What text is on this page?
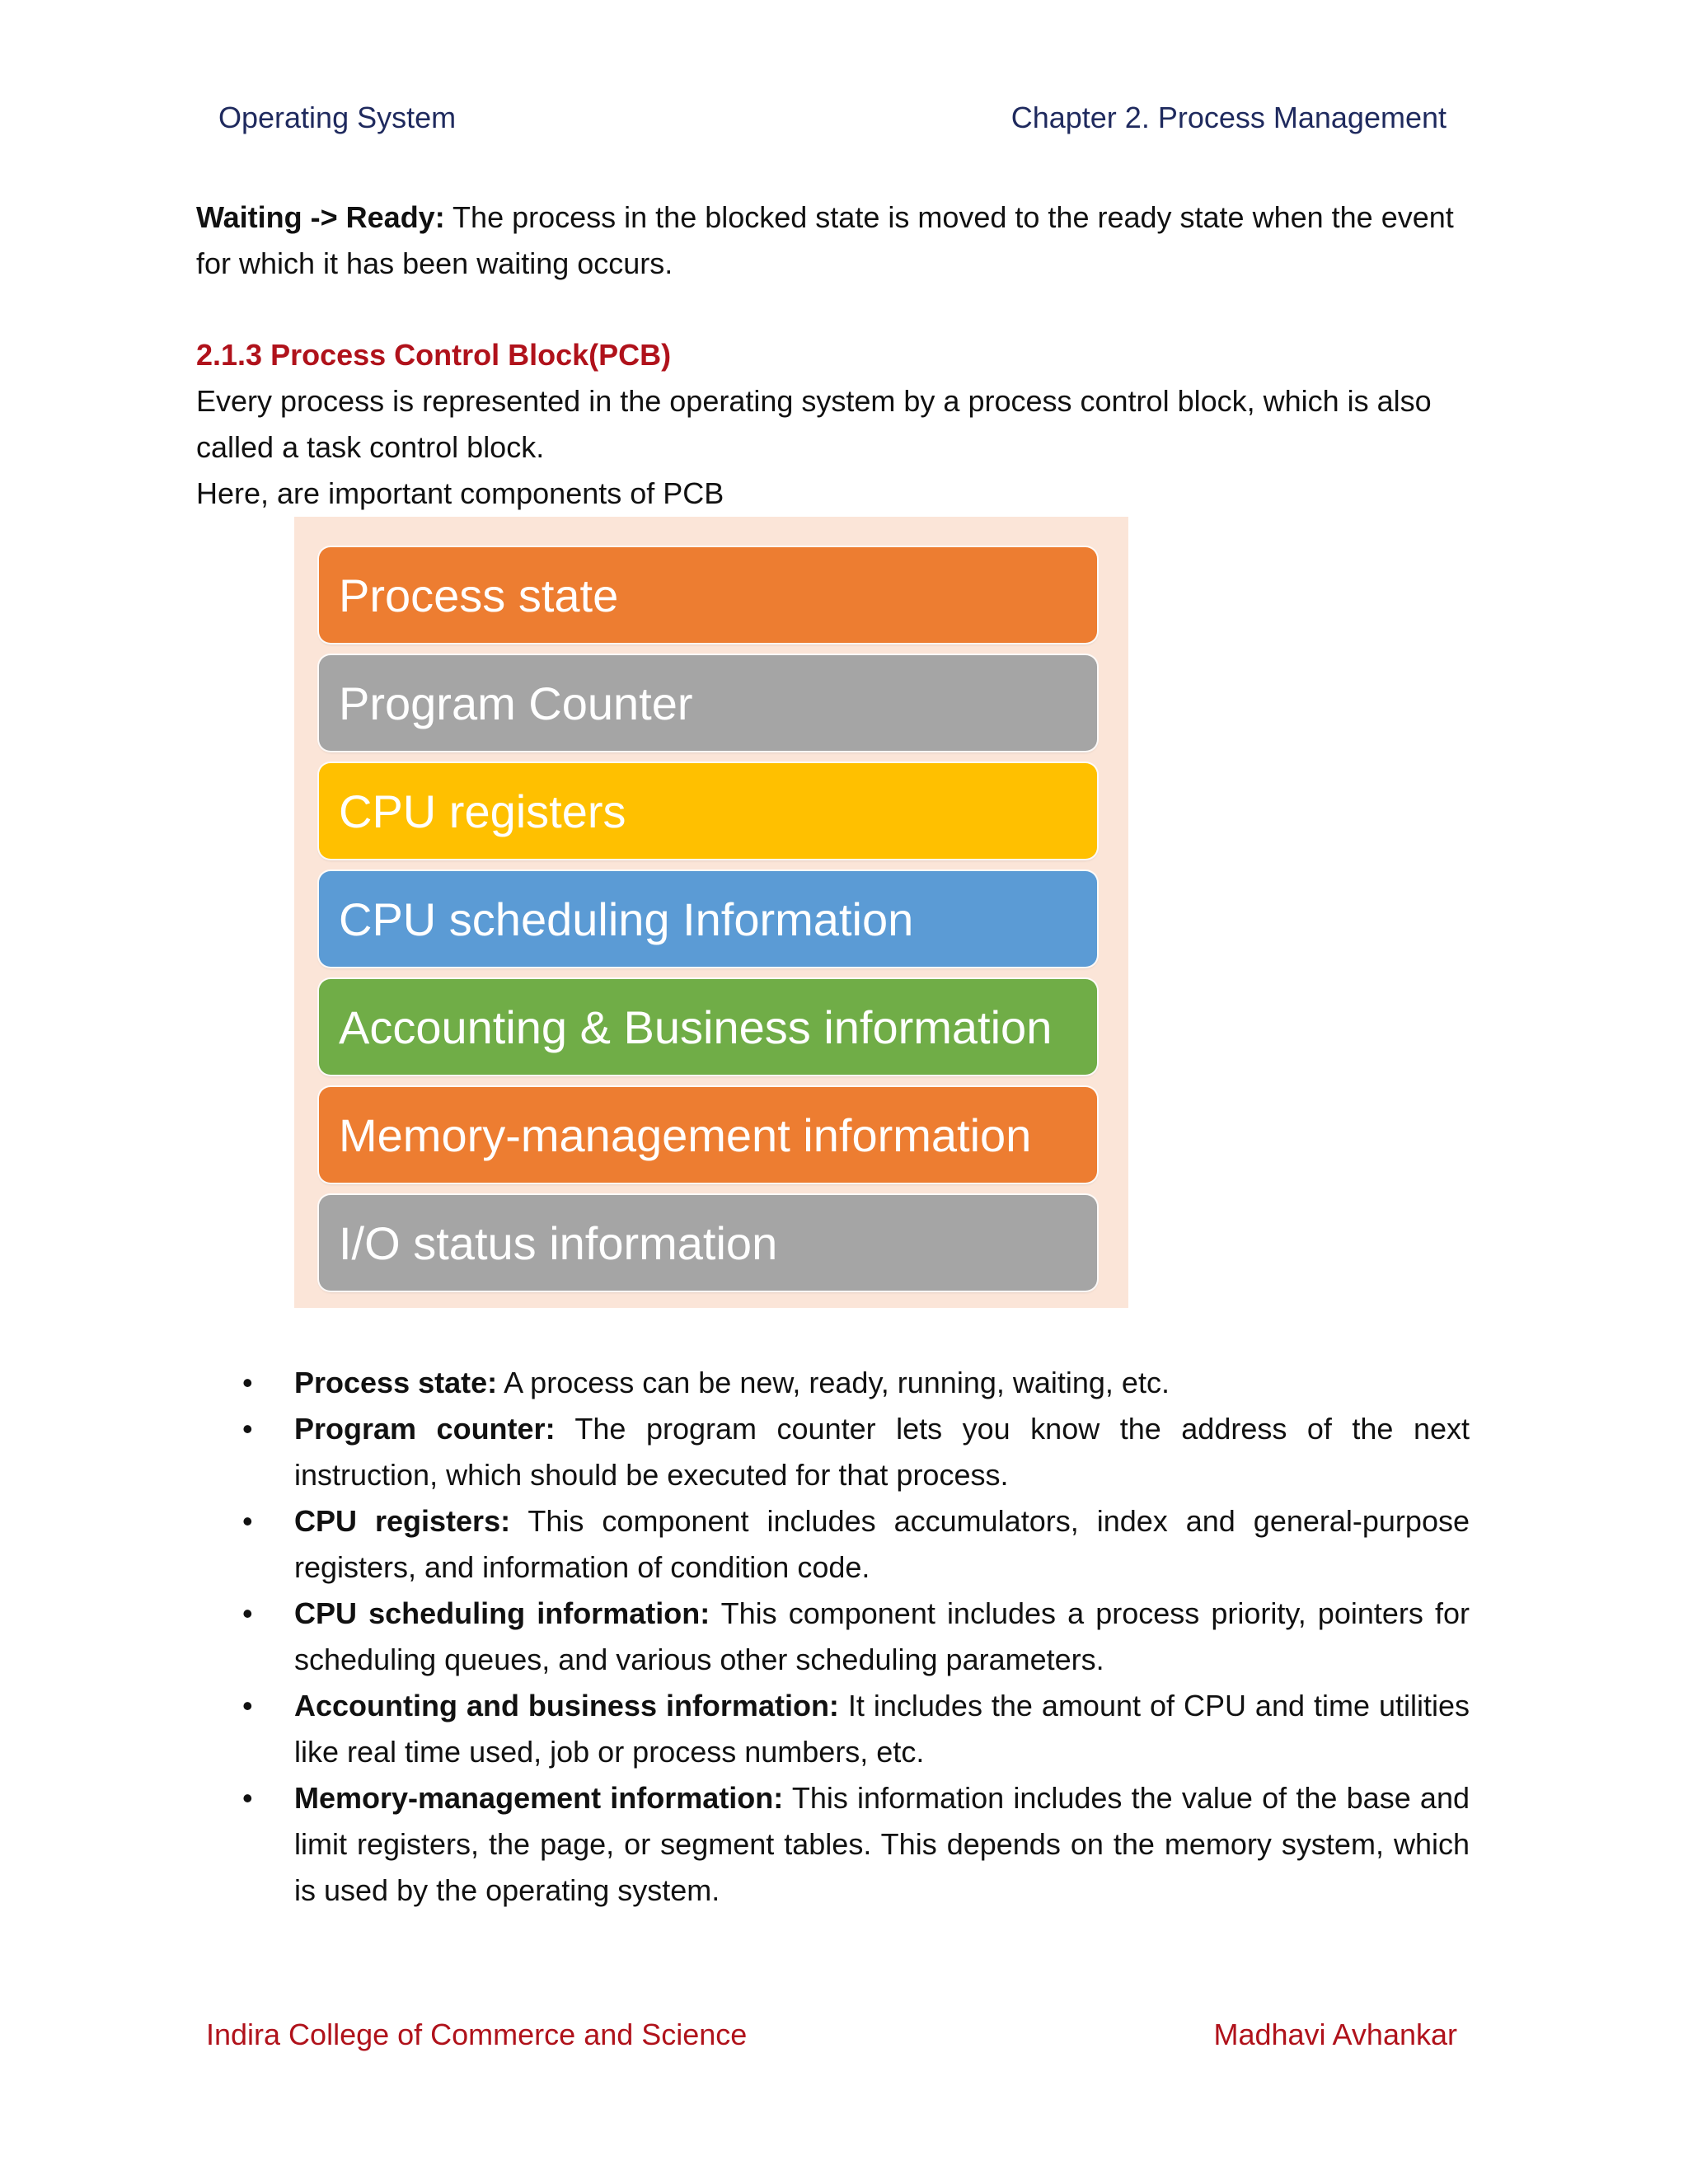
Operating System	Chapter 2. Process Management
Waiting -> Ready: The process in the blocked state is moved to the ready state when the event for which it has been waiting occurs.
2.1.3 Process Control Block(PCB)
Every process is represented in the operating system by a process control block, which is also called a task control block.
Here, are important components of PCB
Process state
Program Counter
CPU registers
CPU scheduling Information
Accounting & Business information
Memory-management information
I/O status information
• Process state: A process can be new, ready, running, waiting, etc.
• Program counter: The program counter lets you know the address of the next instruction, which should be executed for that process.
• CPU registers: This component includes accumulators, index and general-purpose registers, and information of condition code.
• CPU scheduling information: This component includes a process priority, pointers for scheduling queues, and various other scheduling parameters.
• Accounting and business information: It includes the amount of CPU and time utilities like real time used, job or process numbers, etc.
• Memory-management information: This information includes the value of the base and limit registers, the page, or segment tables. This depends on the memory system, which is used by the operating system.
Indira College of Commerce and Science	Madhavi Avhankar
